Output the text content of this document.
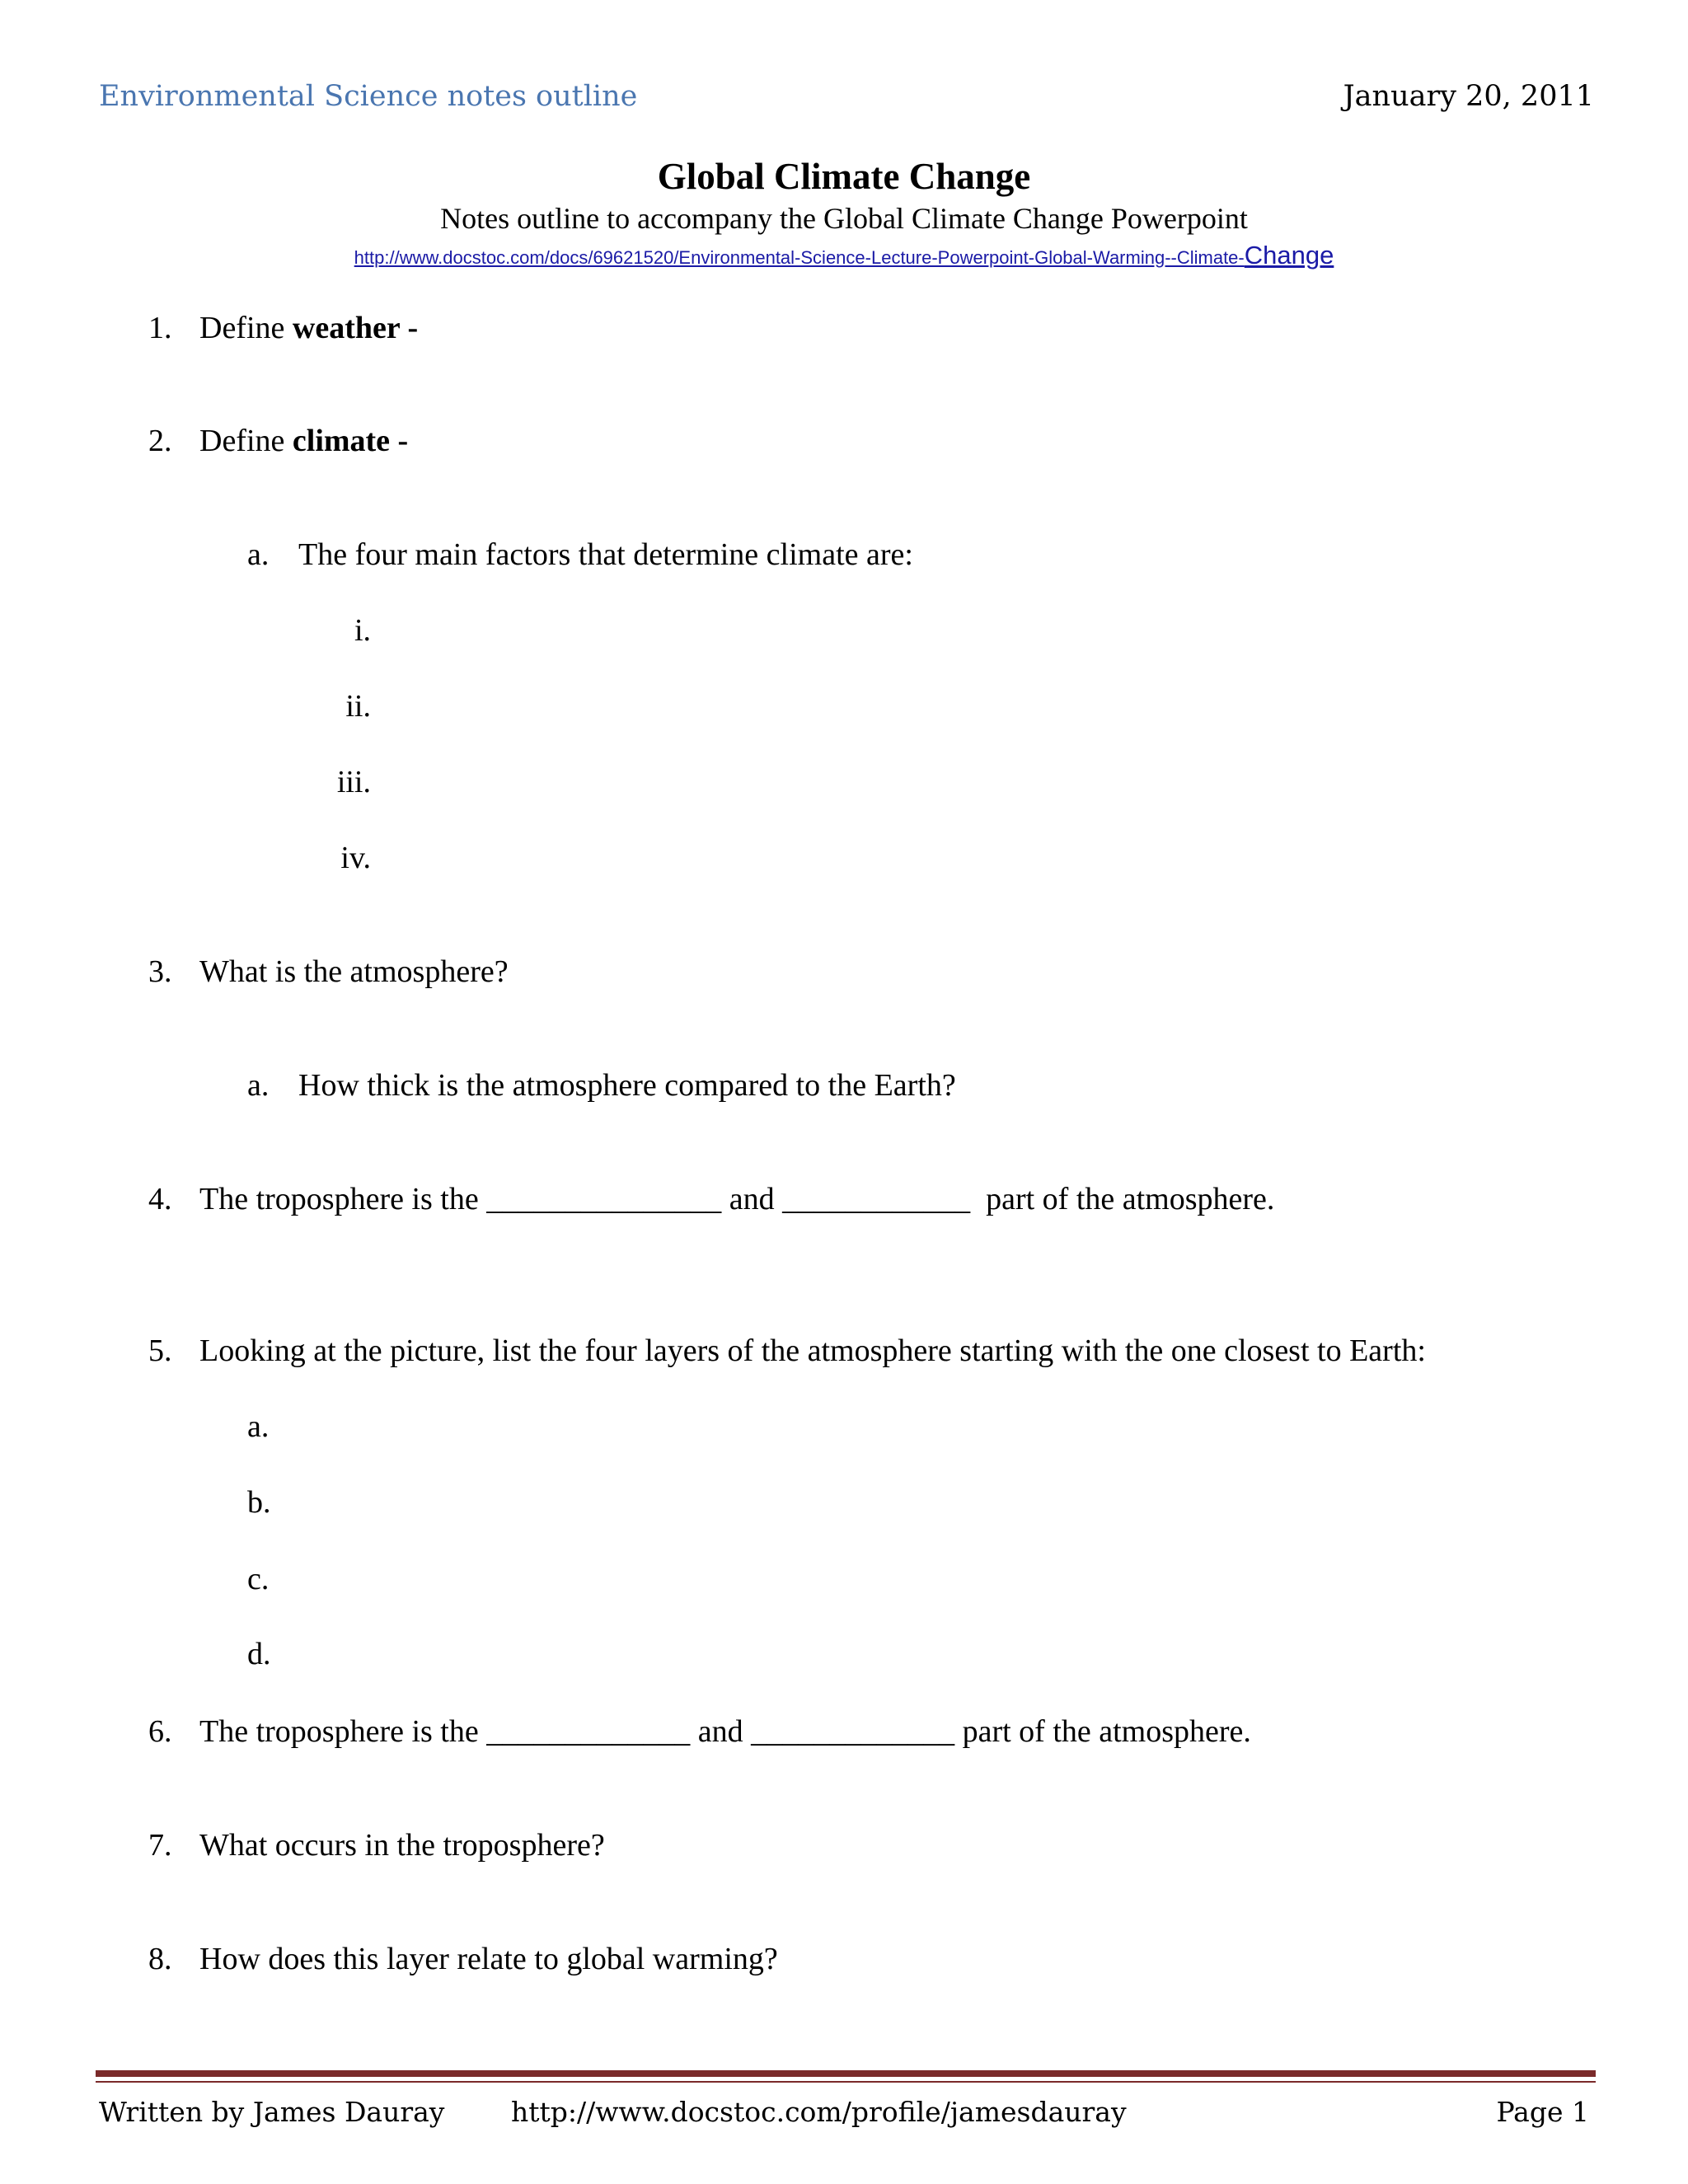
Environmental Science notes outline	January 20, 2011
Global Climate Change
Notes outline to accompany the Global Climate Change Powerpoint
http://www.docstoc.com/docs/69621520/Environmental-Science-Lecture-Powerpoint-Global-Warming--Climate-Change
1. Define weather -
2. Define climate -
a. The four main factors that determine climate are:
i.
ii.
iii.
iv.
3. What is the atmosphere?
a. How thick is the atmosphere compared to the Earth?
4. The troposphere is the _______________ and ____________  part of the atmosphere.
5. Looking at the picture, list the four layers of the atmosphere starting with the one closest to Earth:
a.
b.
c.
d.
6. The troposphere is the _____________ and _____________ part of the atmosphere.
7. What occurs in the troposphere?
8. How does this layer relate to global warming?
Written by James Dauray http://www.docstoc.com/profile/jamesdauray	Page 1
